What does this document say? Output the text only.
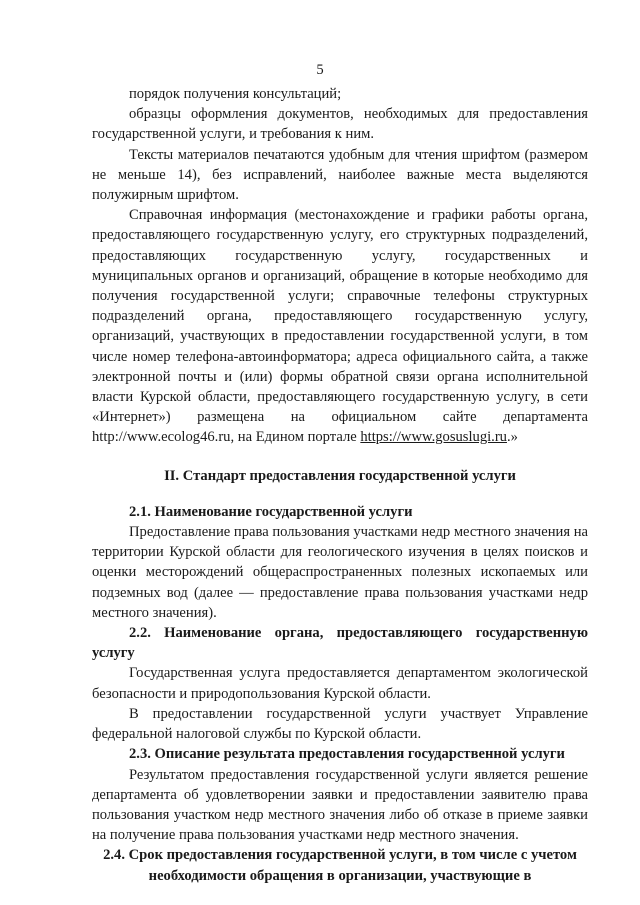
5

порядок получения консультаций;

образцы оформления документов, необходимых для предоставления государственной услуги, и требования к ним.

Тексты материалов печатаются удобным для чтения шрифтом (размером не меньше 14), без исправлений, наиболее важные места выделяются полужирным шрифтом.

Справочная информация (местонахождение и графики работы органа, предоставляющего государственную услугу, его структурных подразделений, предоставляющих государственную услугу, государственных и муниципальных органов и организаций, обращение в которые необходимо для получения государственной услуги; справочные телефоны структурных подразделений органа, предоставляющего государственную услугу, организаций, участвующих в предоставлении государственной услуги, в том числе номер телефона-автоинформатора; адреса официального сайта, а также электронной почты и (или) формы обратной связи органа исполнительной власти Курской области, предоставляющего государственную услугу, в сети «Интернет») размещена на официальном сайте департамента http://www.ecolog46.ru, на Едином портале https://www.gosuslugi.ru.»

II. Стандарт предоставления государственной услуги

2.1. Наименование государственной услуги

Предоставление права пользования участками недр местного значения на территории Курской области для геологического изучения в целях поисков и оценки месторождений общераспространенных полезных ископаемых или подземных вод (далее — предоставление права пользования участками недр местного значения).

2.2. Наименование органа, предоставляющего государственную услугу

Государственная услуга предоставляется департаментом экологической безопасности и природопользования Курской области.

В предоставлении государственной услуги участвует Управление федеральной налоговой службы по Курской области.

2.3. Описание результата предоставления государственной услуги

Результатом предоставления государственной услуги является решение департамента об удовлетворении заявки и предоставлении заявителю права пользования участком недр местного значения либо об отказе в приеме заявки на получение права пользования участками недр местного значения.

2.4. Срок предоставления государственной услуги, в том числе с учетом необходимости обращения в организации, участвующие в
